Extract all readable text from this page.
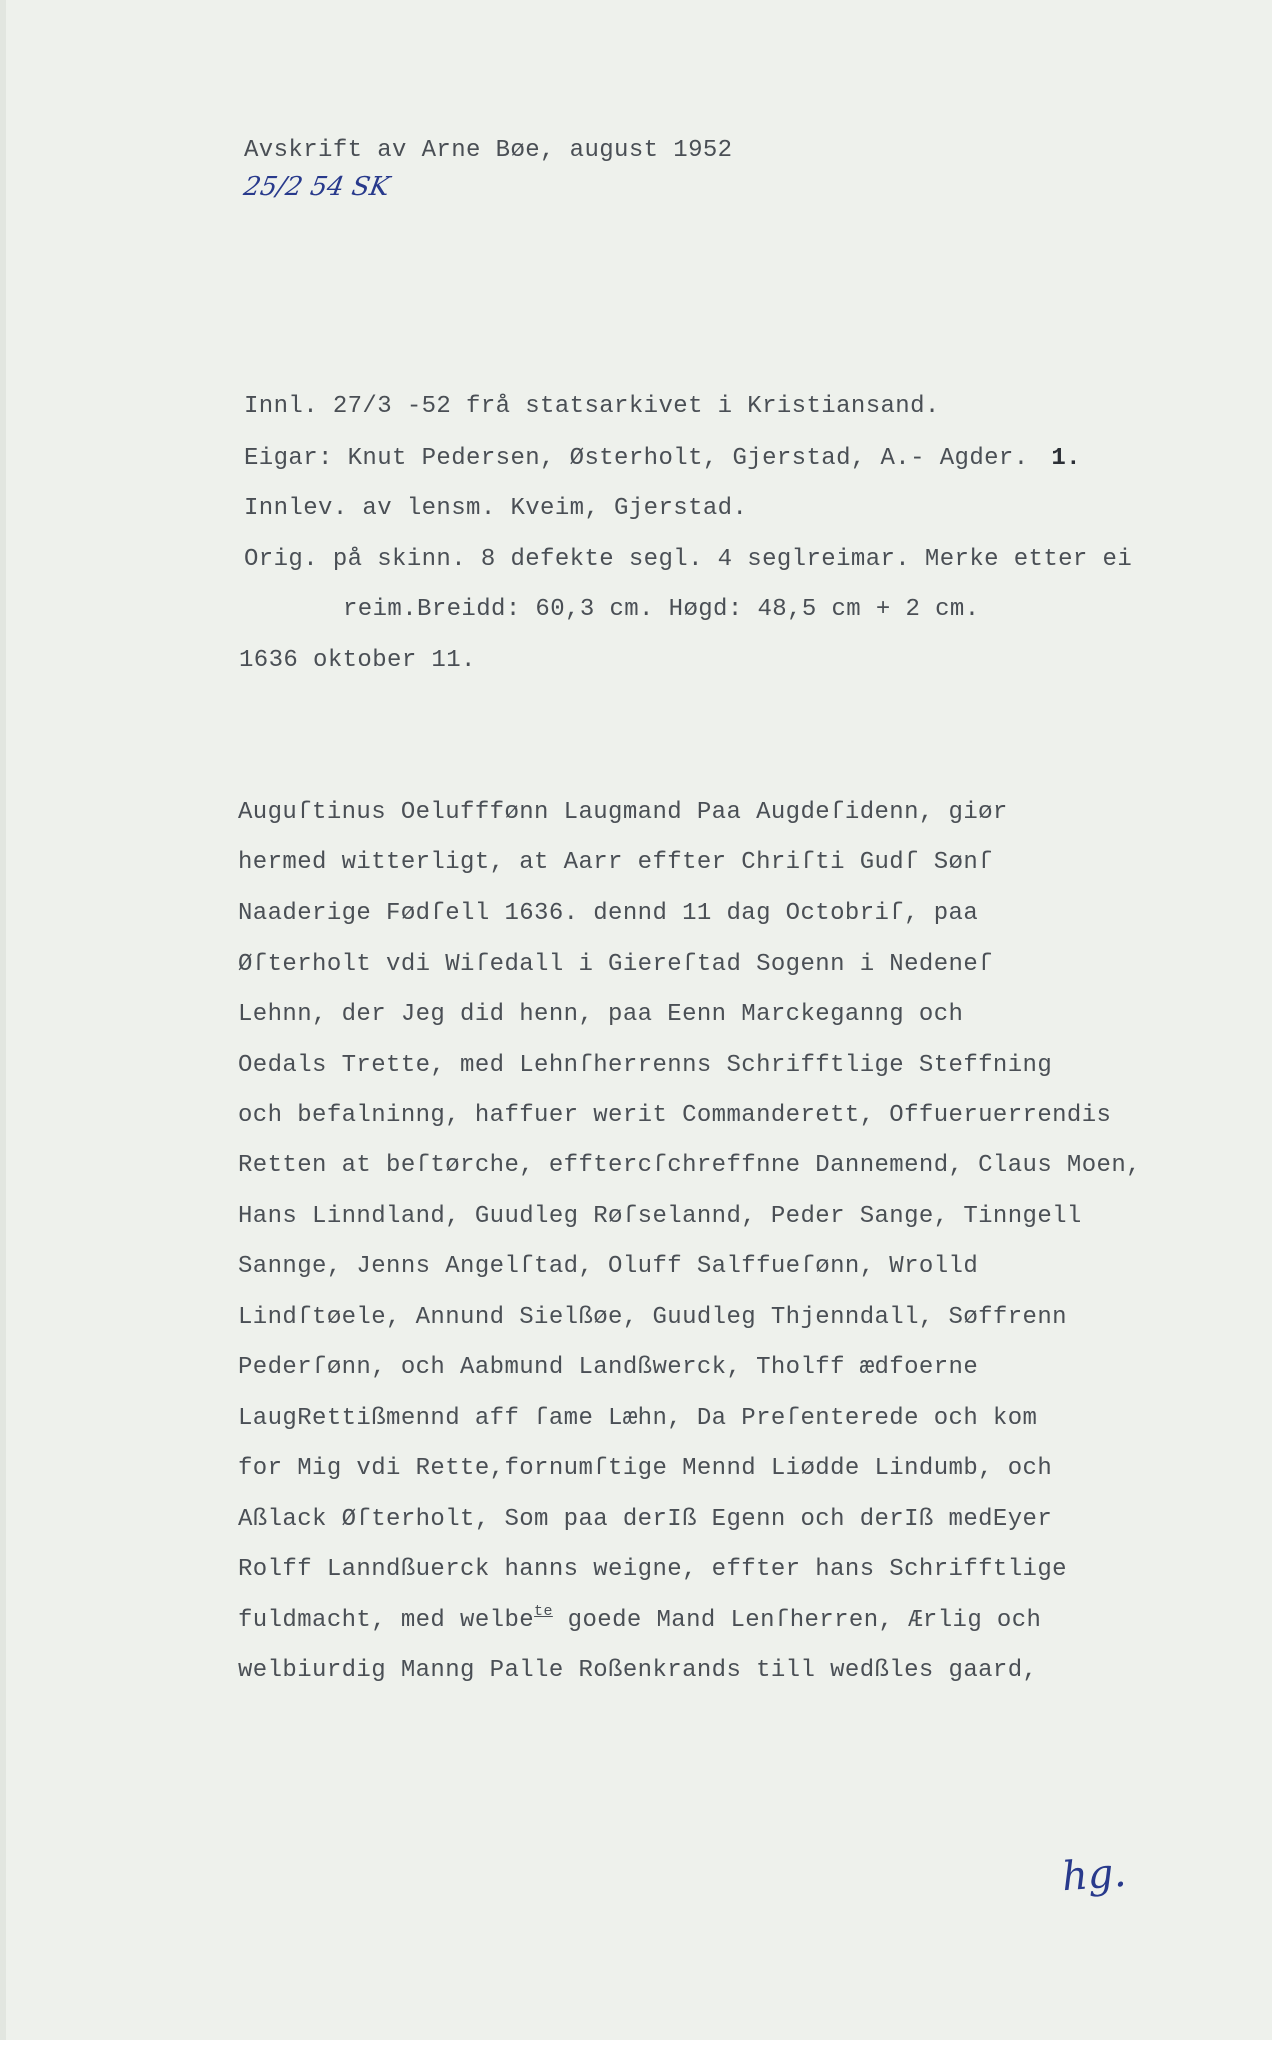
Avskrift av Arne Bøe, august 1952
25/2 54 SK
Innl. 27/3 -52 frå statsarkivet i Kristiansand.
Eigar: Knut Pedersen, Østerholt, Gjerstad, A.- Agder. 1.
Innlev. av lensm. Kveim, Gjerstad.
Orig. på skinn. 8 defekte segl. 4 seglreimar. Merke etter ei
reim.Breidd: 60,3 cm. Høgd: 48,5 cm + 2 cm.
1636 oktober 11.
Auguſtinus Oelufffønn Laugmand Paa Augdeſidenn, giør
hermed witterligt, at Aarr effter Chriſti Gudſ Sønſ
Naaderige Fødſell 1636. dennd 11 dag Octobriſ, paa
Øſterholt vdi Wiſedall i Giereſtad Sogenn i Nedeneſ
Lehnn, der Jeg did henn, paa Eenn Marckeganng och
Oedals Trette, med Lehnſherrenns Schrifftlige Steffning
och befalninng, haffuer werit Commanderett, Offueruerrendis
Retten at beſtørche, efftercſchreffnne Dannemend, Claus Moen,
Hans Linndland, Guudleg Røſselannd, Peder Sange, Tinngell
Sannge, Jenns Angelſtad, Oluff Salffueſønn, Wrolld
Lindſtøele, Annund Sielßøe, Guudleg Thjenndall, Søffrenn
Pederſønn, och Aabmund Landßwerck, Tholff ædfoerne
LaugRettißmennd aff ſame Læhn, Da Preſenterede och kom
for Mig vdi Rette,fornumſtige Mennd Liødde Lindumb, och
Aßlack Øſterholt, Som paa derIß Egenn och derIß medEyer
Rolff Lanndßuerck hanns weigne, effter hans Schrifftlige
fuldmacht, med welbe$^{te}$ goede Mand Lenſherren, Ærlig och
welbiurdig Manng Palle Roßenkrands till wedßles gaard,
hg.
